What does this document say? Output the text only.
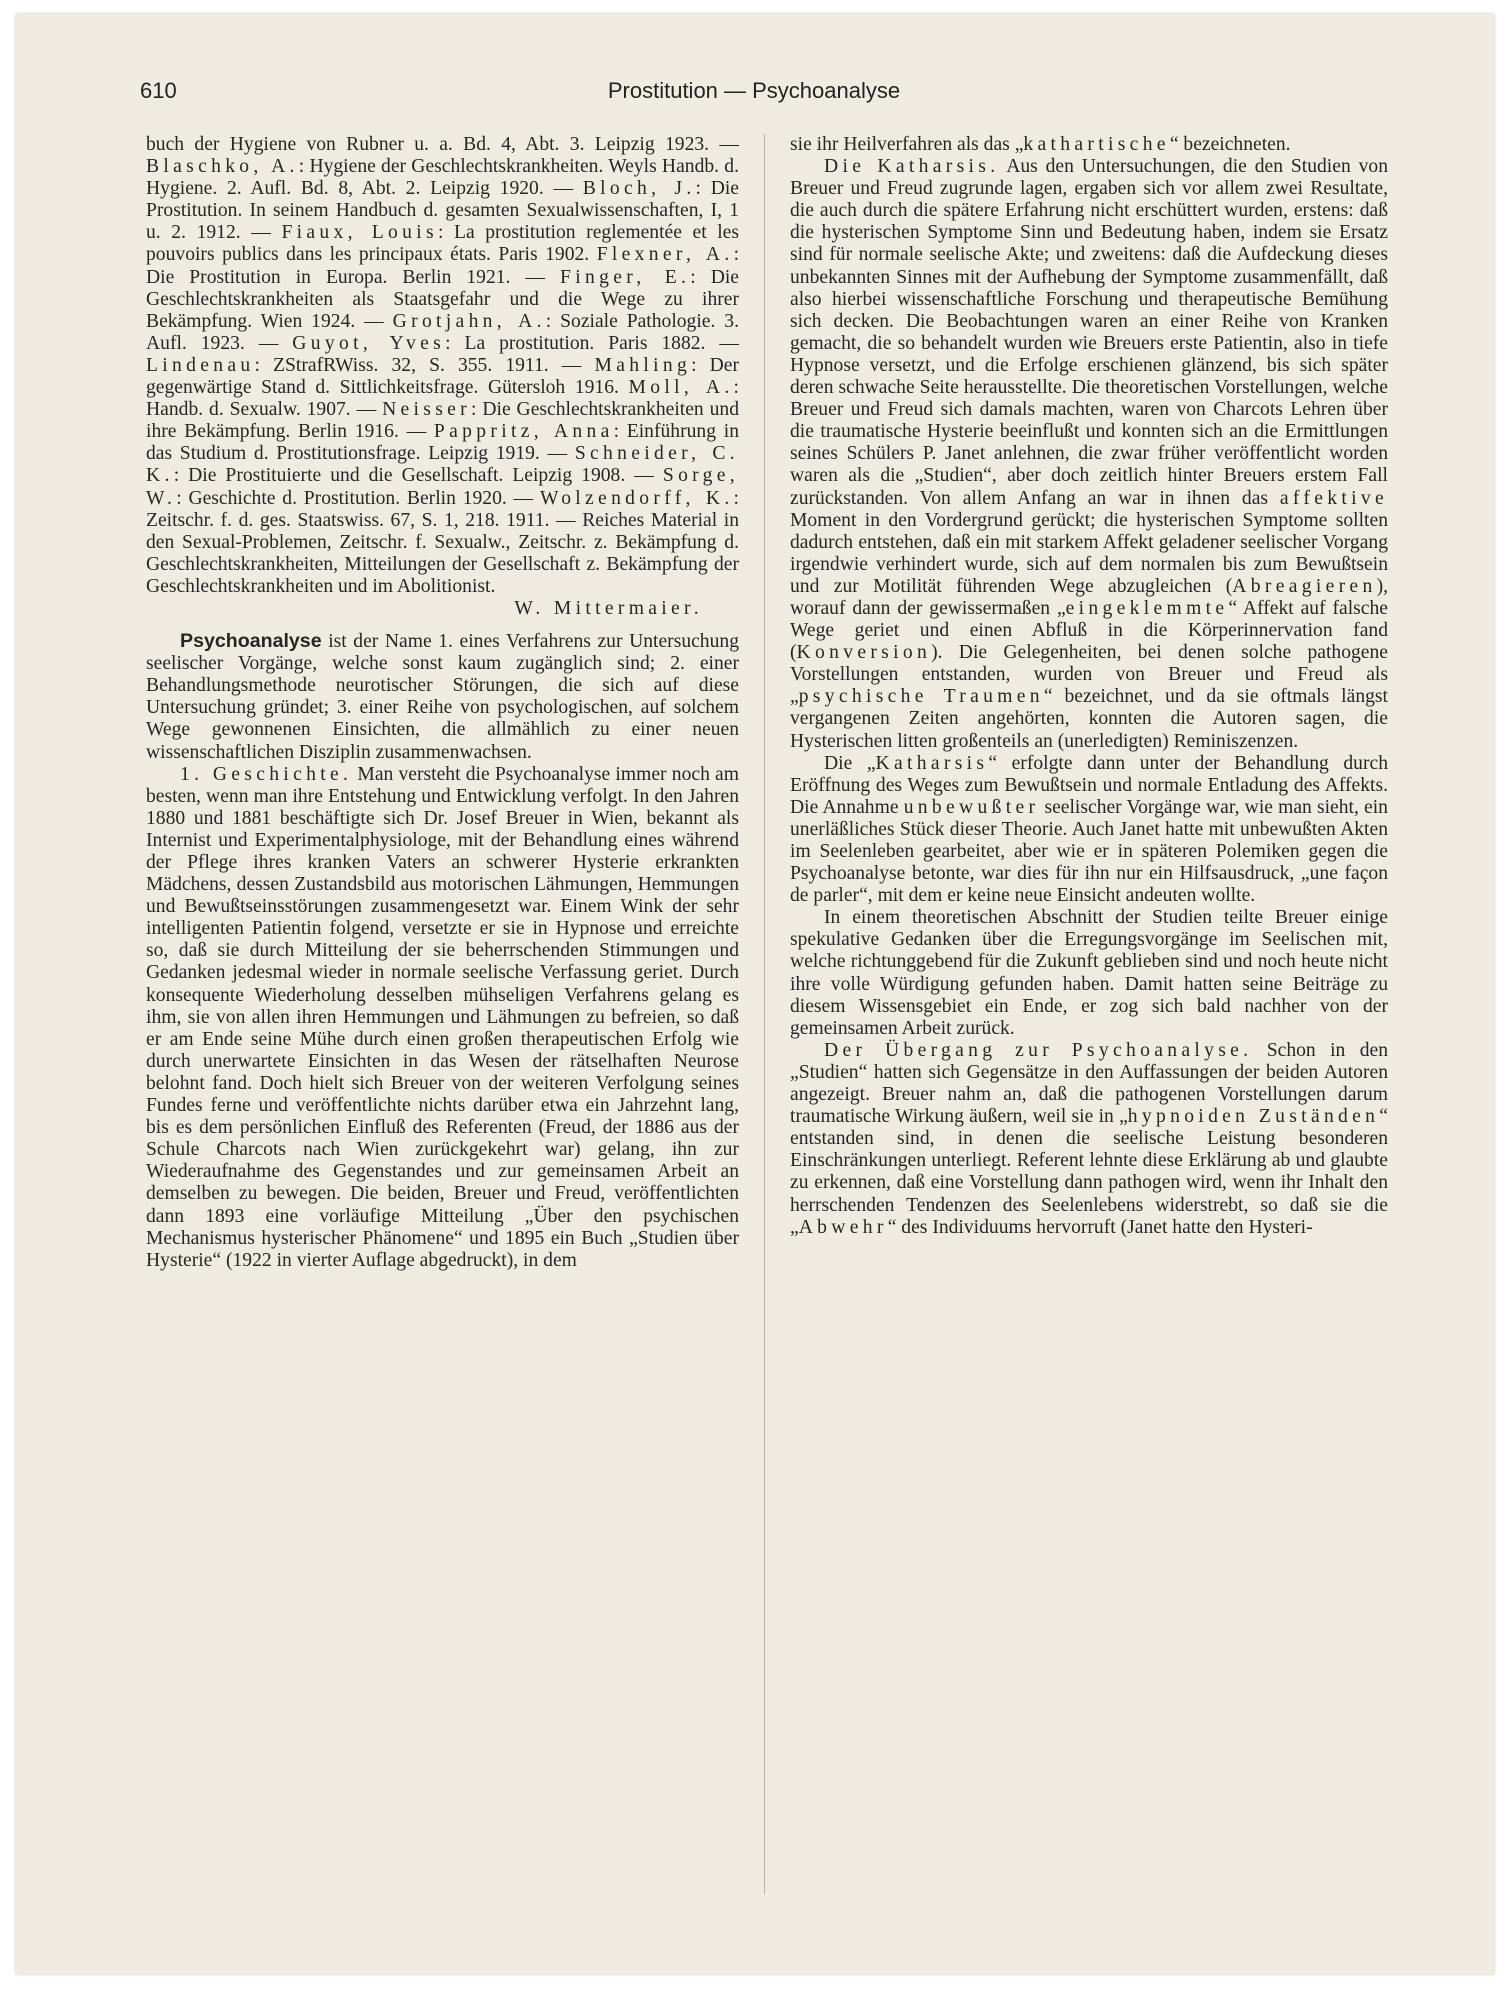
610	Prostitution — Psychoanalyse

buch der Hygiene von Rubner u. a. Bd. 4, Abt. 3. Leipzig 1923. — Blaschko, A.: Hygiene der Geschlechtskrankheiten. Weyls Handb. d. Hygiene. 2. Aufl. Bd. 8, Abt. 2. Leipzig 1920. — Bloch, J.: Die Prostitution. In seinem Handbuch d. gesamten Sexualwissenschaften, I, 1 u. 2. 1912. — Fiaux, Louis: La prostitution reglementée et les pouvoirs publics dans les principaux états. Paris 1902. Flexner, A.: Die Prostitution in Europa. Berlin 1921. — Finger, E.: Die Geschlechtskrankheiten als Staatsgefahr und die Wege zu ihrer Bekämpfung. Wien 1924. — Grotjahn, A.: Soziale Pathologie. 3. Aufl. 1923. — Guyot, Yves: La prostitution. Paris 1882. — Lindenau: ZStrafRWiss. 32, S. 355. 1911. — Mahling: Der gegenwärtige Stand d. Sittlichkeitsfrage. Gütersloh 1916. Moll, A.: Handb. d. Sexualw. 1907. — Neisser: Die Geschlechtskrankheiten und ihre Bekämpfung. Berlin 1916. — Pappritz, Anna: Einführung in das Studium d. Prostitutionsfrage. Leipzig 1919. — Schneider, C. K.: Die Prostituierte und die Gesellschaft. Leipzig 1908. — Sorge, W.: Geschichte d. Prostitution. Berlin 1920. — Wolzendorff, K.: Zeitschr. f. d. ges. Staatswiss. 67, S. 1, 218. 1911. — Reiches Material in den Sexual-Problemen, Zeitschr. f. Sexualw., Zeitschr. z. Bekämpfung d. Geschlechtskrankheiten, Mitteilungen der Gesellschaft z. Bekämpfung der Geschlechtskrankheiten und im Abolitionist.

W. Mittermaier.

Psychoanalyse ist der Name 1. eines Verfahrens zur Untersuchung seelischer Vorgänge, welche sonst kaum zugänglich sind; 2. einer Behandlungsmethode neurotischer Störungen, die sich auf diese Untersuchung gründet; 3. einer Reihe von psychologischen, auf solchem Wege gewonnenen Einsichten, die allmählich zu einer neuen wissenschaftlichen Disziplin zusammenwachsen.

1. Geschichte. Man versteht die Psychoanalyse immer noch am besten, wenn man ihre Entstehung und Entwicklung verfolgt. In den Jahren 1880 und 1881 beschäftigte sich Dr. Josef Breuer in Wien, bekannt als Internist und Experimentalphysiologe, mit der Behandlung eines während der Pflege ihres kranken Vaters an schwerer Hysterie erkrankten Mädchens, dessen Zustandsbild aus motorischen Lähmungen, Hemmungen und Bewußtseinsstörungen zusammengesetzt war. Einem Wink der sehr intelligenten Patientin folgend, versetzte er sie in Hypnose und erreichte so, daß sie durch Mitteilung der sie beherrschenden Stimmungen und Gedanken jedesmal wieder in normale seelische Verfassung geriet. Durch konsequente Wiederholung desselben mühseligen Verfahrens gelang es ihm, sie von allen ihren Hemmungen und Lähmungen zu befreien, so daß er am Ende seine Mühe durch einen großen therapeutischen Erfolg wie durch unerwartete Einsichten in das Wesen der rätselhaften Neurose belohnt fand. Doch hielt sich Breuer von der weiteren Verfolgung seines Fundes ferne und veröffentlichte nichts darüber etwa ein Jahrzehnt lang, bis es dem persönlichen Einfluß des Referenten (Freud, der 1886 aus der Schule Charcots nach Wien zurückgekehrt war) gelang, ihn zur Wiederaufnahme des Gegenstandes und zur gemeinsamen Arbeit an demselben zu bewegen. Die beiden, Breuer und Freud, veröffentlichten dann 1893 eine vorläufige Mitteilung „Über den psychischen Mechanismus hysterischer Phänomene“ und 1895 ein Buch „Studien über Hysterie“ (1922 in vierter Auflage abgedruckt), in dem

sie ihr Heilverfahren als das „kathartische“ bezeichneten.

Die Katharsis. Aus den Untersuchungen, die den Studien von Breuer und Freud zugrunde lagen, ergaben sich vor allem zwei Resultate, die auch durch die spätere Erfahrung nicht erschüttert wurden, erstens: daß die hysterischen Symptome Sinn und Bedeutung haben, indem sie Ersatz sind für normale seelische Akte; und zweitens: daß die Aufdeckung dieses unbekannten Sinnes mit der Aufhebung der Symptome zusammenfällt, daß also hierbei wissenschaftliche Forschung und therapeutische Bemühung sich decken. Die Beobachtungen waren an einer Reihe von Kranken gemacht, die so behandelt wurden wie Breuers erste Patientin, also in tiefe Hypnose versetzt, und die Erfolge erschienen glänzend, bis sich später deren schwache Seite herausstellte. Die theoretischen Vorstellungen, welche Breuer und Freud sich damals machten, waren von Charcots Lehren über die traumatische Hysterie beeinflußt und konnten sich an die Ermittlungen seines Schülers P. Janet anlehnen, die zwar früher veröffentlicht worden waren als die „Studien“, aber doch zeitlich hinter Breuers erstem Fall zurückstanden. Von allem Anfang an war in ihnen das affektive Moment in den Vordergrund gerückt; die hysterischen Symptome sollten dadurch entstehen, daß ein mit starkem Affekt geladener seelischer Vorgang irgendwie verhindert wurde, sich auf dem normalen bis zum Bewußtsein und zur Motilität führenden Wege abzugleichen (Abreagieren), worauf dann der gewissermaßen „eingeklemmte“ Affekt auf falsche Wege geriet und einen Abfluß in die Körperinnervation fand (Konversion). Die Gelegenheiten, bei denen solche pathogene Vorstellungen entstanden, wurden von Breuer und Freud als „psychische Traumen“ bezeichnet, und da sie oftmals längst vergangenen Zeiten angehörten, konnten die Autoren sagen, die Hysterischen litten großenteils an (unerledigten) Reminiszenzen.

Die „Katharsis“ erfolgte dann unter der Behandlung durch Eröffnung des Weges zum Bewußtsein und normale Entladung des Affekts. Die Annahme unbewußter seelischer Vorgänge war, wie man sieht, ein unerläßliches Stück dieser Theorie. Auch Janet hatte mit unbewußten Akten im Seelenleben gearbeitet, aber wie er in späteren Polemiken gegen die Psychoanalyse betonte, war dies für ihn nur ein Hilfsausdruck, „une façon de parler“, mit dem er keine neue Einsicht andeuten wollte.

In einem theoretischen Abschnitt der Studien teilte Breuer einige spekulative Gedanken über die Erregungsvorgänge im Seelischen mit, welche richtunggebend für die Zukunft geblieben sind und noch heute nicht ihre volle Würdigung gefunden haben. Damit hatten seine Beiträge zu diesem Wissensgebiet ein Ende, er zog sich bald nachher von der gemeinsamen Arbeit zurück.

Der Übergang zur Psychoanalyse. Schon in den „Studien“ hatten sich Gegensätze in den Auffassungen der beiden Autoren angezeigt. Breuer nahm an, daß die pathogenen Vorstellungen darum traumatische Wirkung äußern, weil sie in „hypnoiden Zuständen“ entstanden sind, in denen die seelische Leistung besonderen Einschränkungen unterliegt. Referent lehnte diese Erklärung ab und glaubte zu erkennen, daß eine Vorstellung dann pathogen wird, wenn ihr Inhalt den herrschenden Tendenzen des Seelenlebens widerstrebt, so daß sie die „Abwehr“ des Individuums hervorruft (Janet hatte den Hysteri-
